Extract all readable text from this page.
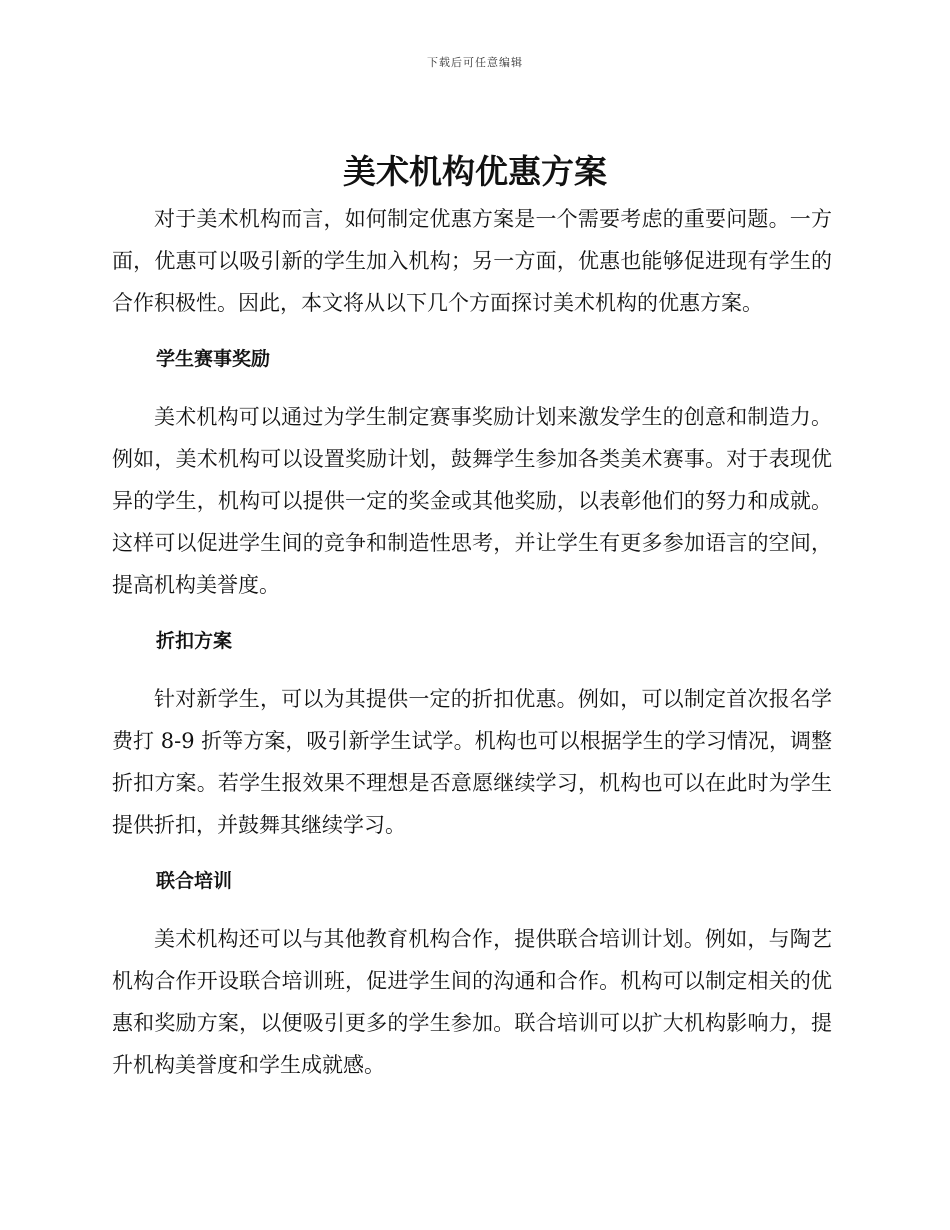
下载后可任意编辑
美术机构优惠方案

对于美术机构而言，如何制定优惠方案是一个需要考虑的重要问题。一方面，优惠可以吸引新的学生加入机构；另一方面，优惠也能够促进现有学生的合作积极性。因此，本文将从以下几个方面探讨美术机构的优惠方案。

学生赛事奖励

美术机构可以通过为学生制定赛事奖励计划来激发学生的创意和制造力。例如，美术机构可以设置奖励计划，鼓舞学生参加各类美术赛事。对于表现优异的学生，机构可以提供一定的奖金或其他奖励，以表彰他们的努力和成就。这样可以促进学生间的竞争和制造性思考，并让学生有更多参加语言的空间，提高机构美誉度。

折扣方案

针对新学生，可以为其提供一定的折扣优惠。例如，可以制定首次报名学费打 8-9 折等方案，吸引新学生试学。机构也可以根据学生的学习情况，调整折扣方案。若学生报效果不理想是否意愿继续学习，机构也可以在此时为学生提供折扣，并鼓舞其继续学习。

联合培训

美术机构还可以与其他教育机构合作，提供联合培训计划。例如，与陶艺机构合作开设联合培训班，促进学生间的沟通和合作。机构可以制定相关的优惠和奖励方案，以便吸引更多的学生参加。联合培训可以扩大机构影响力，提升机构美誉度和学生成就感。
